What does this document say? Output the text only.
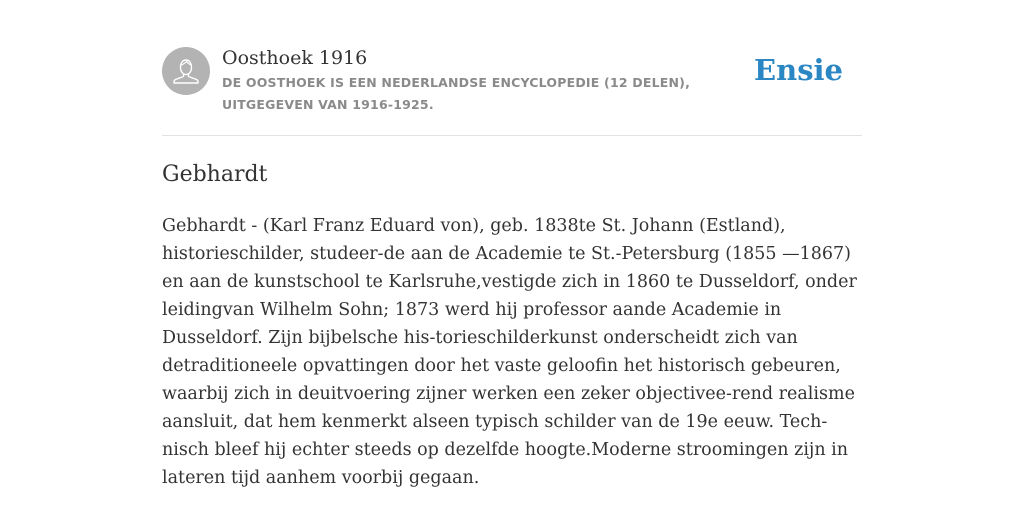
Oosthoek 1916
DE OOSTHOEK IS EEN NEDERLANDSE ENCYCLOPEDIE (12 DELEN), UITGEGEVEN VAN 1916-1925.
Ensie
Gebhardt

Gebhardt - (Karl Franz Eduard von), geb. 1838te St. Johann (Estland), historieschilder, studeer-de aan de Academie te St.-Petersburg (1855 —1867) en aan de kunstschool te Karlsruhe,vestigde zich in 1860 te Dusseldorf, onder leidingvan Wilhelm Sohn; 1873 werd hij professor aande Academie in Dusseldorf. Zijn bijbelsche his-torieschilderkunst onderscheidt zich van detraditioneele opvattingen door het vaste geloofin het historisch gebeuren, waarbij zich in deuitvoering zijner werken een zeker objectivee-rend realisme aansluit, dat hem kenmerkt alseen typisch schilder van de 19e eeuw. Tech-nisch bleef hij echter steeds op dezelfde hoogte.Moderne stroomingen zijn in lateren tijd aanhem voorbij gegaan.
